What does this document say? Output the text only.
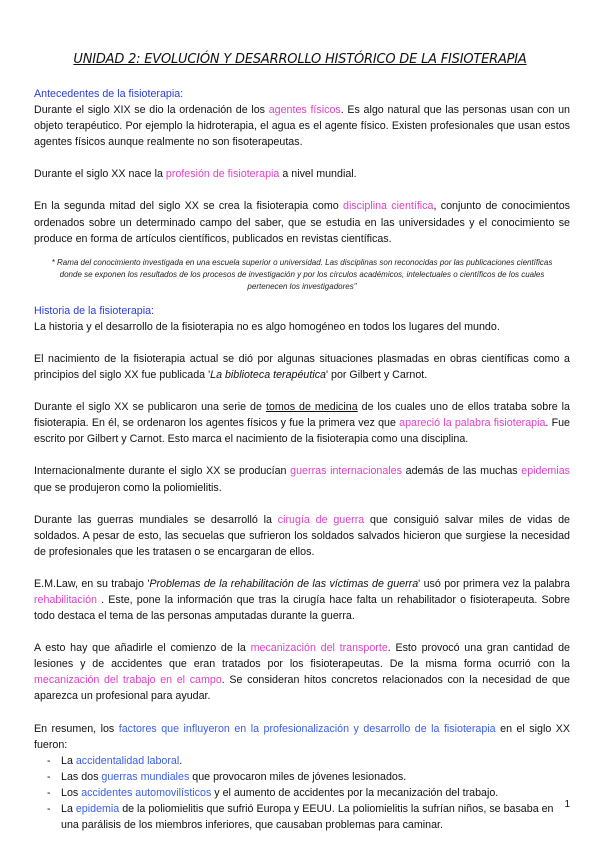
UNIDAD 2: EVOLUCIÓN Y DESARROLLO HISTÓRICO DE LA FISIOTERAPIA
Antecedentes de la fisioterapia:

Durante el siglo XIX se dio la ordenación de los agentes físicos. Es algo natural que las personas usan con un objeto terapéutico. Por ejemplo la hidroterapia, el agua es el agente físico. Existen profesionales que usan estos agentes físicos aunque realmente no son fisoterapeutas.

Durante el siglo XX nace la profesión de fisioterapia a nivel mundial.

En la segunda mitad del siglo XX se crea la fisioterapia como disciplina científica, conjunto de conocimientos ordenados sobre un determinado campo del saber, que se estudia en las universidades y el conocimiento se produce en forma de artículos científicos, publicados en revistas científicas.

* Rama del conocimiento investigada en una escuela superior o universidad. Las disciplinas son reconocidas por las publicaciones científicas donde se exponen los resultados de los procesos de investigación y por los círculos académicos, intelectuales o científicos de los cuales pertenecen los investigadores"

Historia de la fisioterapia:

La historia y el desarrollo de la fisioterapia no es algo homogéneo en todos los lugares del mundo.

El nacimiento de la fisioterapia actual se dió por algunas situaciones plasmadas en obras científicas como a principios del siglo XX fue publicada 'La biblioteca terapéutica' por Gilbert y Carnot.

Durante el siglo XX se publicaron una serie de tomos de medicina de los cuales uno de ellos trataba sobre la fisioterapia. En él, se ordenaron los agentes físicos y fue la primera vez que apareció la palabra fisioterapia. Fue escrito por Gilbert y Carnot. Esto marca el nacimiento de la fisioterapia como una disciplina.

Internacionalmente durante el siglo XX se producían guerras internacionales además de las muchas epidemias que se produjeron como la poliomielitis.

Durante las guerras mundiales se desarrolló la cirugía de guerra que consiguió salvar miles de vidas de soldados. A pesar de esto, las secuelas que sufrieron los soldados salvados hicieron que surgiese la necesidad de profesionales que les tratasen o se encargaran de ellos.

E.M.Law, en su trabajo 'Problemas de la rehabilitación de las víctimas de guerra' usó por primera vez la palabra rehabilitación . Este, pone la información que tras la cirugía hace falta un rehabilitador o fisioterapeuta. Sobre todo destaca el tema de las personas amputadas durante la guerra.

A esto hay que añadirle el comienzo de la mecanización del transporte. Esto provocó una gran cantidad de lesiones y de accidentes que eran tratados por los fisioterapeutas. De la misma forma ocurrió con la mecanización del trabajo en el campo. Se consideran hitos concretos relacionados con la necesidad de que aparezca un profesional para ayudar.

En resumen, los factores que influyeron en la profesionalización y desarrollo de la fisioterapia en el siglo XX fueron:

- La accidentalidad laboral.
- Las dos guerras mundiales que provocaron miles de jóvenes lesionados.
- Los accidentes automovilísticos y el aumento de accidentes por la mecanización del trabajo.
- La epidemia de la poliomielitis que sufrió Europa y EEUU. La poliomielitis la sufrían niños, se basaba en una parálisis de los miembros inferiores, que causaban problemas para caminar.
1
